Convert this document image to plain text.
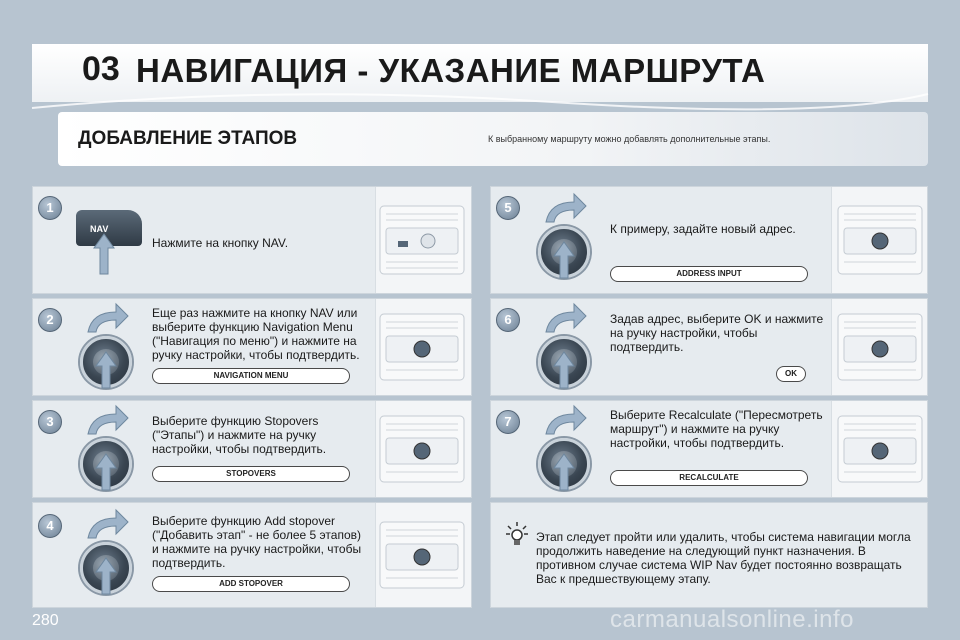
03 НАВИГАЦИЯ - УКАЗАНИЕ МАРШРУТА
ДОБАВЛЕНИЕ ЭТАПОВ	К выбранному маршруту можно добавлять дополнительные этапы.
1
NAV
Нажмите на кнопку NAV.
2	Еще раз нажмите на кнопку NAV или выберите функцию Navigation Menu ("Навигация по меню") и нажмите на ручку настройки, чтобы подтвердить.
NAVIGATION MENU
3	Выберите функцию Stopovers ("Этапы") и нажмите на ручку настройки, чтобы подтвердить.
STOPOVERS
4	Выберите функцию Add stopover ("Добавить этап" - не более 5 этапов) и нажмите на ручку настройки, чтобы подтвердить.
ADD STOPOVER
5
К примеру, задайте новый адрес.
ADDRESS INPUT
6	Задав адрес, выберите OK и нажмите на ручку настройки, чтобы подтвердить.
OK
7	Выберите Recalculate ("Пересмотреть маршрут") и нажмите на ручку настройки, чтобы подтвердить.
RECALCULATE
Этап следует пройти или удалить, чтобы система навигации могла продолжить наведение на следующий пункт назначения. В противном случае система WIP Nav будет постоянно возвращать Вас к предшествующему этапу.
280	carmanualsonline.info
